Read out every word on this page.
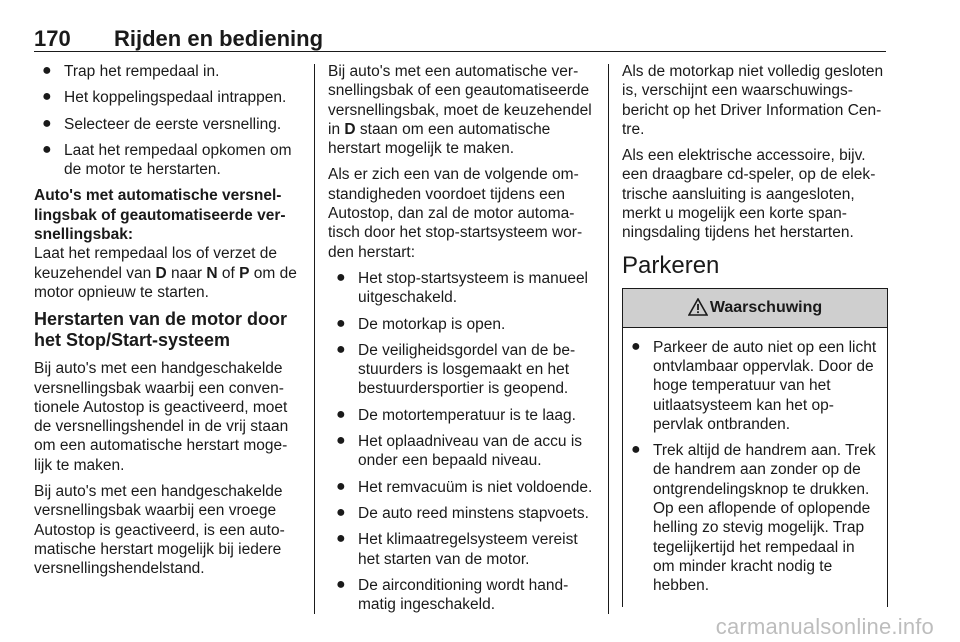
170 Rijden en bediening
● Trap het rempedaal in.
● Het koppelingspedaal intrappen.
● Selecteer de eerste versnelling.
● Laat het rempedaal opkomen om de motor te herstarten.

Auto's met automatische versnellingsbak of geautomatiseerde versnellingsbak:

Laat het rempedaal los of verzet de keuzehendel van D naar N of P om de motor opnieuw te starten.

Herstarten van de motor door het Stop/Start-systeem

Bij auto's met een handgeschakelde versnellingsbak waarbij een conventionele Autostop is geactiveerd, moet de versnellingshendel in de vrij staan om een automatische herstart mogelijk te maken.

Bij auto's met een handgeschakelde versnellingsbak waarbij een vroege Autostop is geactiveerd, is een automatische herstart mogelijk bij iedere versnellingshendelstand.

Bij auto's met een automatische versnellingsbak of een geautomatiseerde versnellingsbak, moet de keuzehendel in D staan om een automatische herstart mogelijk te maken.

Als er zich een van de volgende omstandigheden voordoet tijdens een Autostop, dan zal de motor automatisch door het stop-startsysteem worden herstart:

● Het stop-startsysteem is manueel uitgeschakeld.
● De motorkap is open.
● De veiligheidsgordel van de bestuurders is losgemaakt en het bestuurdersportier is geopend.
● De motortemperatuur is te laag.
● Het oplaadniveau van de accu is onder een bepaald niveau.
● Het remvacuüm is niet voldoende.
● De auto reed minstens stapvoets.
● Het klimaatregelsysteem vereist het starten van de motor.
● De airconditioning wordt handmatig ingeschakeld.

Als de motorkap niet volledig gesloten is, verschijnt een waarschuwingsbericht op het Driver Information Centre.

Als een elektrische accessoire, bijv. een draagbare cd-speler, op de elektrische aansluiting is aangesloten, merkt u mogelijk een korte spanningsdaling tijdens het herstarten.

Parkeren
Waarschuwing
● Parkeer de auto niet op een licht ontvlambaar oppervlak. Door de hoge temperatuur van het uitlaatsysteem kan het oppervlak ontbranden.
● Trek altijd de handrem aan. Trek de handrem aan zonder op de ontgrendelingsknop te drukken. Op een aflopende of oplopende helling zo stevig mogelijk. Trap tegelijkertijd het rempedaal in om minder kracht nodig te hebben.
carmanualsonline.info
